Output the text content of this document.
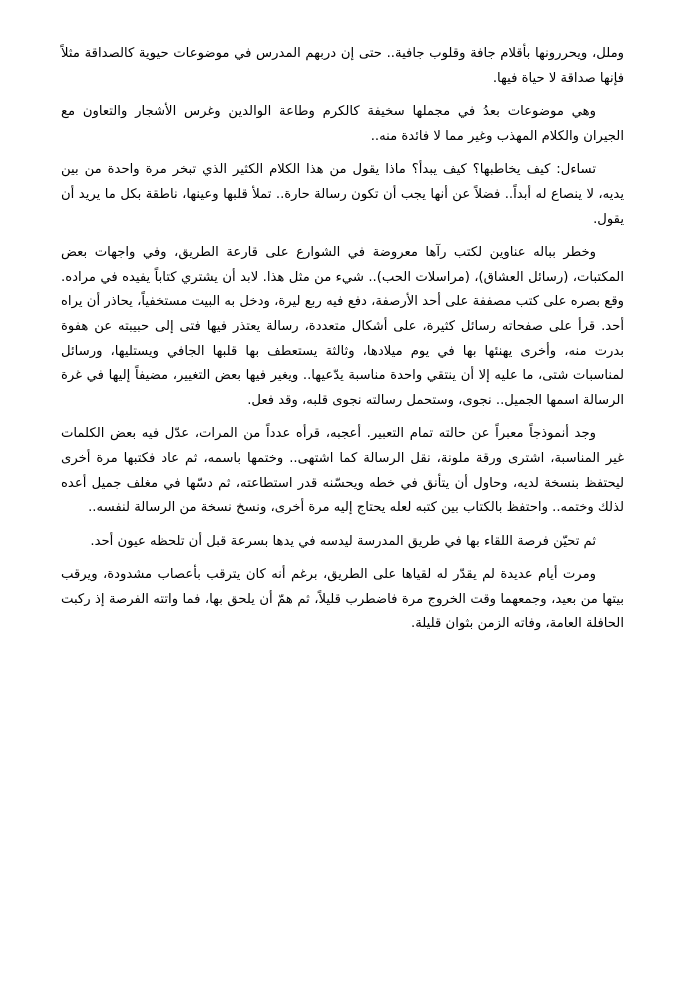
وملل، ويحررونها بأقلام جافة وقلوب جافية.. حتى إن دربهم المدرس في موضوعات حيوية كالصداقة مثلاً فإنها صداقة لا حياة فيها.

وهي موضوعات بعدُ في مجملها سخيفة كالكرم وطاعة الوالدين وغرس الأشجار والتعاون مع الجيران والكلام المهذب وغير مما لا فائدة منه..

تساءل: كيف يخاطبها؟ كيف يبدأ؟ ماذا يقول من هذا الكلام الكثير الذي تبخر مرة واحدة من بين يديه، لا ينصاع له أبداً.. فضلاً عن أنها يجب أن تكون رسالة حارة.. تملأ قلبها وعينها، ناطقة بكل ما يريد أن يقول.

وخطر بباله عناوين لكتب رآها معروضة في الشوارع على قارعة الطريق، وفي واجهات بعض المكتبات، (رسائل العشاق)، (مراسلات الحب).. شيء من مثل هذا. لابد أن يشتري كتاباً يفيده في مراده. وقع بصره على كتب مصففة على أحد الأرصفة، دفع فيه ربع ليرة، ودخل به البيت مستخفياً، يحاذر أن يراه أحد. قرأ على صفحاته رسائل كثيرة، على أشكال متعددة، رسالة يعتذر فيها فتى إلى حبيبته عن هفوة بدرت منه، وأخرى يهنئها بها في يوم ميلادها، وثالثة يستعطف بها قلبها الجافي ويستليها، ورسائل لمناسبات شتى، ما عليه إلا أن ينتقي واحدة مناسبة يدّعيها.. ويغير فيها بعض التغيير، مضيفاً إليها في غرة الرسالة اسمها الجميل.. نجوى، وستحمل رسالته نجوى قلبه، وقد فعل.

وجد أنموذجاً معبراً عن حالته تمام التعبير. أعجبه، قرأه عدداً من المرات، عدّل فيه بعض الكلمات غير المناسبة، اشترى ورقة ملونة، نقل الرسالة كما اشتهى.. وختمها باسمه، ثم عاد فكتبها مرة أخرى ليحتفظ بنسخة لديه، وحاول أن يتأنق في خطه ويحسّنه قدر استطاعته، ثم دسّها في مغلف جميل أعده لذلك وختمه.. واحتفظ بالكتاب بين كتبه لعله يحتاج إليه مرة أخرى، ونسخ نسخة من الرسالة لنفسه..

ثم تحيّن فرصة اللقاء بها في طريق المدرسة ليدسه في يدها بسرعة قبل أن تلحظه عيون أحد.

ومرت أيام عديدة لم يقدّر له لقياها على الطريق، برغم أنه كان يترقب بأعصاب مشدودة، ويرقب بيتها من بعيد، وجمعهما وقت الخروج مرة فاضطرب قليلاً، ثم همّ أن يلحق بها، فما واتته الفرصة إذ ركبت الحافلة العامة، وفاته الزمن بثوان قليلة.
